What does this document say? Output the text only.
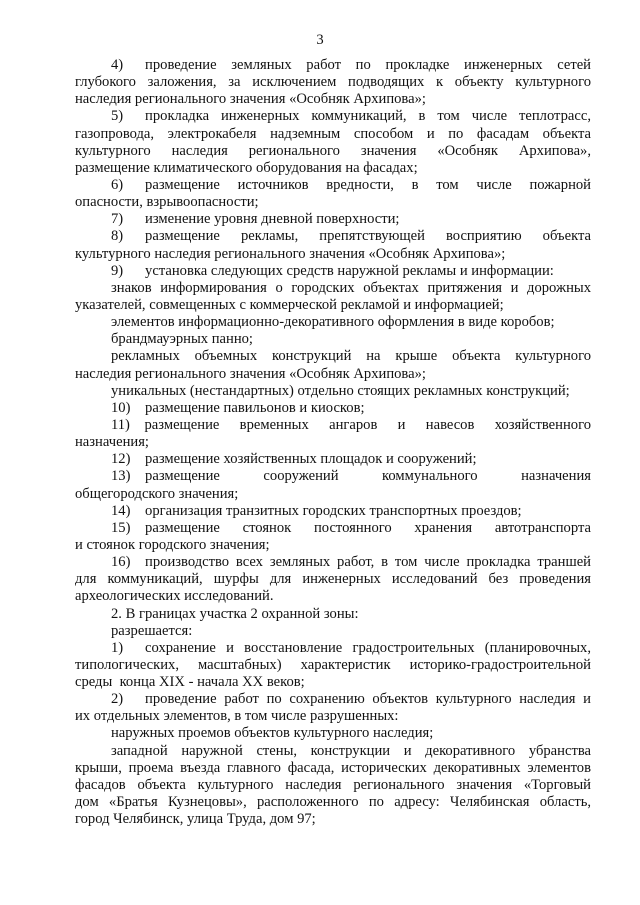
3
4)  проведение земляных работ по прокладке инженерных сетей
глубокого заложения, за исключением подводящих к объекту культурного
наследия регионального значения «Особняк Архипова»;
5)  прокладка инженерных коммуникаций, в том числе теплотрасс,
газопровода, электрокабеля надземным способом и по фасадам объекта
культурного наследия регионального значения «Особняк Архипова»,
размещение климатического оборудования на фасадах;
6)  размещение источников вредности, в том числе пожарной
опасности, взрывоопасности;
7)  изменение уровня дневной поверхности;
8)  размещение рекламы, препятствующей восприятию объекта
культурного наследия регионального значения «Особняк Архипова»;
9)  установка следующих средств наружной рекламы и информации:
знаков информирования о городских объектах притяжения и дорожных
указателей, совмещенных с коммерческой рекламой и информацией;
элементов информационно-декоративного оформления в виде коробов;
брандмауэрных панно;
рекламных объемных конструкций на крыше объекта культурного
наследия регионального значения «Особняк Архипова»;
уникальных (нестандартных) отдельно стоящих рекламных конструкций;
10)  размещение павильонов и киосков;
11)  размещение временных ангаров и навесов хозяйственного
назначения;
12)  размещение хозяйственных площадок и сооружений;
13)  размещение сооружений коммунального назначения
общегородского значения;
14)  организация транзитных городских транспортных проездов;
15)  размещение стоянок постоянного хранения автотранспорта
и стоянок городского значения;
16)  производство всех земляных работ, в том числе прокладка траншей
для коммуникаций, шурфы для инженерных исследований без проведения
археологических исследований.
2. В границах участка 2 охранной зоны:
разрешается:
1)  сохранение и восстановление градостроительных (планировочных,
типологических, масштабных) характеристик историко-градостроительной
среды конца XIX - начала XX веков;
2)  проведение работ по сохранению объектов культурного наследия и
их отдельных элементов, в том числе разрушенных:
наружных проемов объектов культурного наследия;
западной наружной стены, конструкции и декоративного убранства
крыши, проема въезда главного фасада, исторических декоративных элементов
фасадов объекта культурного наследия регионального значения «Торговый
дом «Братья Кузнецовы», расположенного по адресу: Челябинская область,
город Челябинск, улица Труда, дом 97;
